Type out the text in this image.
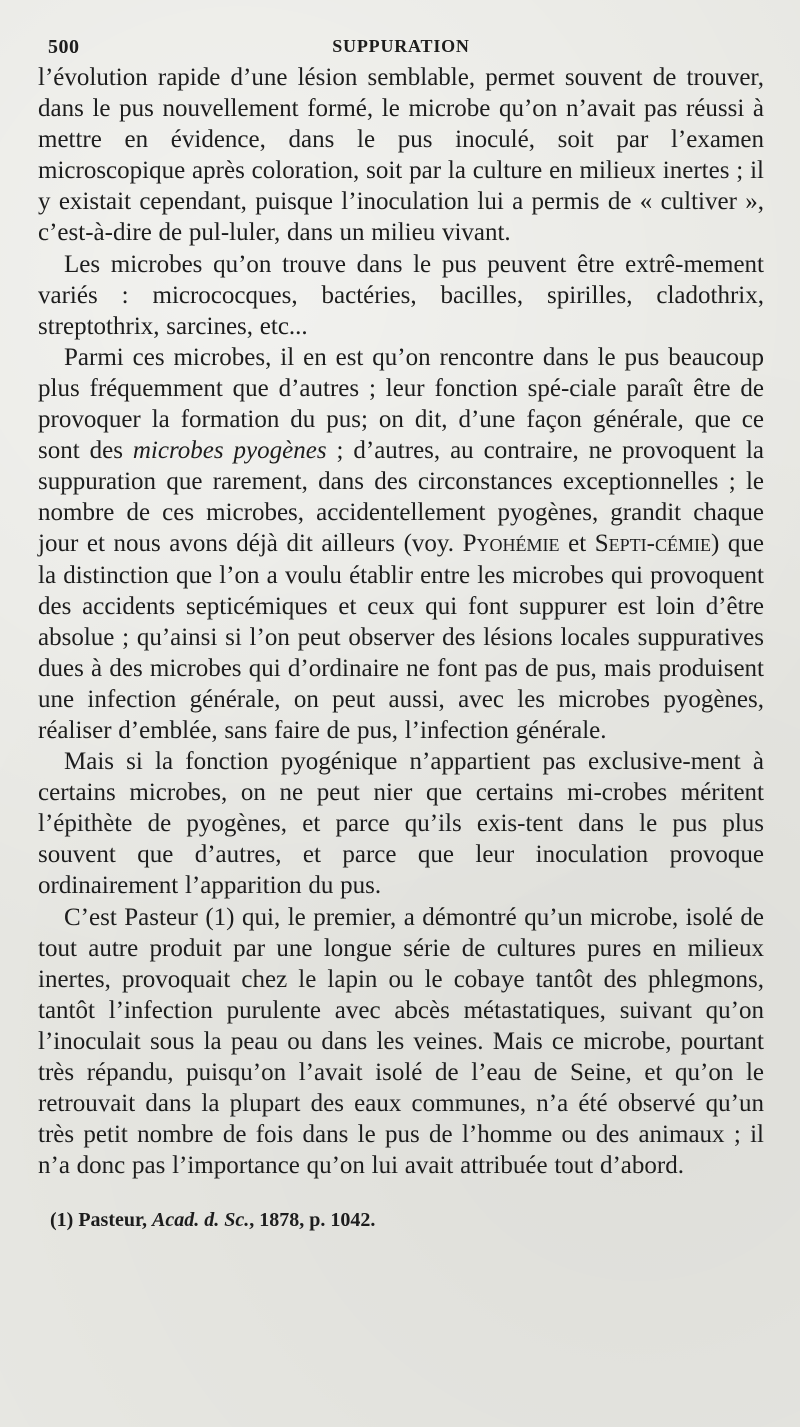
500	SUPPURATION

l’évolution rapide d’une lésion semblable, permet souvent de trouver, dans le pus nouvellement formé, le microbe qu’on n’avait pas réussi à mettre en évidence, dans le pus inoculé, soit par l’examen microscopique après coloration, soit par la culture en milieux inertes ; il y existait cependant, puisque l’inoculation lui a permis de « cultiver », c’est-à-dire de pul-luler, dans un milieu vivant.

Les microbes qu’on trouve dans le pus peuvent être extrê-mement variés : micrococques, bactéries, bacilles, spirilles, cladothrix, streptothrix, sarcines, etc...

Parmi ces microbes, il en est qu’on rencontre dans le pus beaucoup plus fréquemment que d’autres ; leur fonction spé-ciale paraît être de provoquer la formation du pus; on dit, d’une façon générale, que ce sont des microbes pyogènes ; d’autres, au contraire, ne provoquent la suppuration que rarement, dans des circonstances exceptionnelles ; le nombre de ces microbes, accidentellement pyogènes, grandit chaque jour et nous avons déjà dit ailleurs (voy. Pyohémie et Septi-cémie) que la distinction que l’on a voulu établir entre les microbes qui provoquent des accidents septicémiques et ceux qui font suppurer est loin d’être absolue ; qu’ainsi si l’on peut observer des lésions locales suppuratives dues à des microbes qui d’ordinaire ne font pas de pus, mais produisent une infection générale, on peut aussi, avec les microbes pyogènes, réaliser d’emblée, sans faire de pus, l’infection générale.

Mais si la fonction pyogénique n’appartient pas exclusive-ment à certains microbes, on ne peut nier que certains mi-crobes méritent l’épithète de pyogènes, et parce qu’ils exis-tent dans le pus plus souvent que d’autres, et parce que leur inoculation provoque ordinairement l’apparition du pus.

C’est Pasteur (1) qui, le premier, a démontré qu’un microbe, isolé de tout autre produit par une longue série de cultures pures en milieux inertes, provoquait chez le lapin ou le cobaye tantôt des phlegmons, tantôt l’infection purulente avec abcès métastatiques, suivant qu’on l’inoculait sous la peau ou dans les veines. Mais ce microbe, pourtant très répandu, puisqu’on l’avait isolé de l’eau de Seine, et qu’on le retrouvait dans la plupart des eaux communes, n’a été observé qu’un très petit nombre de fois dans le pus de l’homme ou des animaux ; il n’a donc pas l’importance qu’on lui avait attribuée tout d’abord.

(1) Pasteur, Acad. d. Sc., 1878, p. 1042.
